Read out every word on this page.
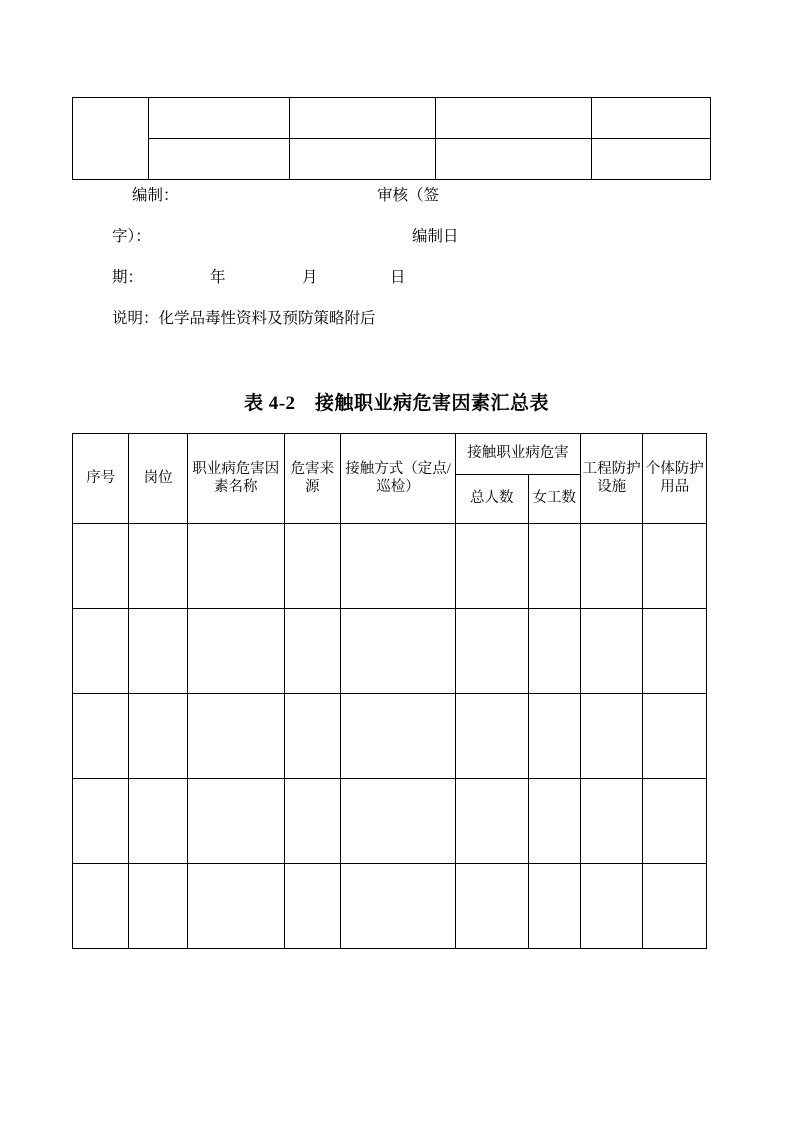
编制：

	审核（签

字）：

	编制日

期：

	年

	月

	日

说明：化学品毒性资料及预防策略附后

表 4-2　接触职业病危害因素汇总表
序号	岗位	职业病危害因素名称	危害来源	接触方式（定点/巡检）	接触职业病危害		工程防护设施	个体防护用品
					总人数	女工数		
